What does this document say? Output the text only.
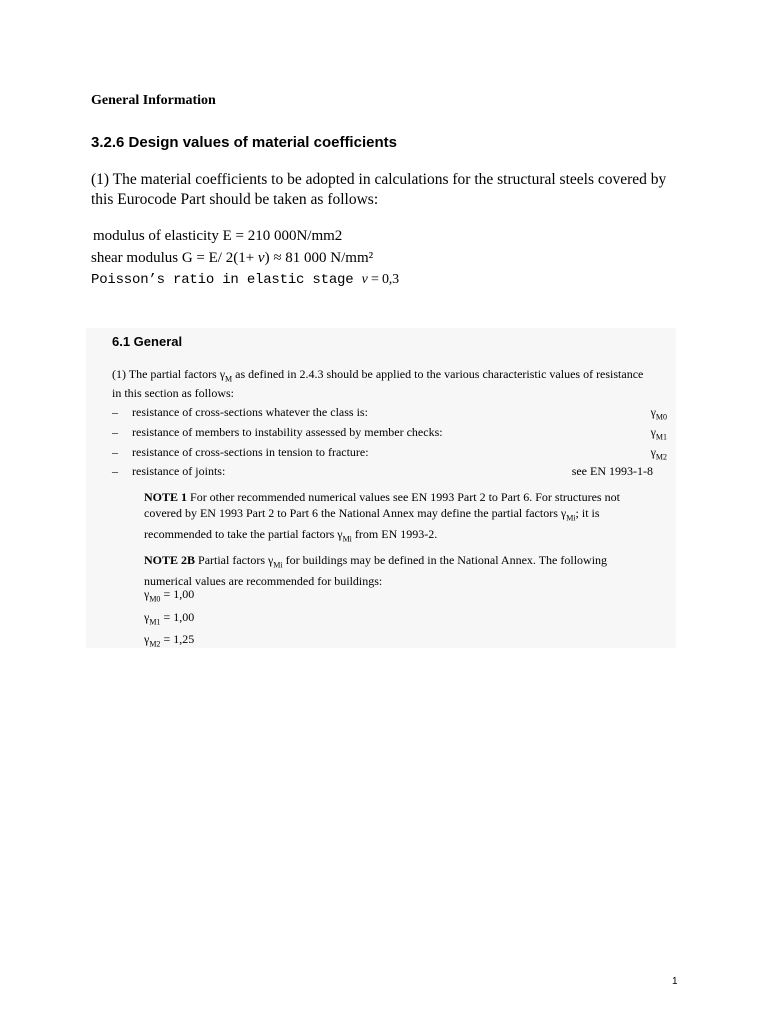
General Information
3.2.6 Design values of material coefficients
(1) The material coefficients to be adopted in calculations for the structural steels covered by this Eurocode Part should be taken as follows:
modulus of elasticity E = 210 000N/mm2
shear modulus G = E/ 2(1+ ν) ≈ 81 000 N/mm²
Poisson’s ratio in elastic stage ν = 0,3
6.1 General
(1) The partial factors $\gamma_M$ as defined in 2.4.3 should be applied to the various characteristic values of resistance in this section as follows:
– resistance of cross-sections whatever the class is:	$\gamma_{M0}$
– resistance of members to instability assessed by member checks:	$\gamma_{M1}$
– resistance of cross-sections in tension to fracture:	$\gamma_{M2}$
– resistance of joints:	see EN 1993-1-8
NOTE 1 For other recommended numerical values see EN 1993 Part 2 to Part 6. For structures not covered by EN 1993 Part 2 to Part 6 the National Annex may define the partial factors $\gamma_{Mi}$; it is recommended to take the partial factors $\gamma_{Mi}$ from EN 1993-2.
NOTE 2B Partial factors $\gamma_{Mi}$ for buildings may be defined in the National Annex. The following numerical values are recommended for buildings:
$\gamma_{M0} = 1,00$
$\gamma_{M1} = 1,00$
$\gamma_{M2} = 1,25$
1
